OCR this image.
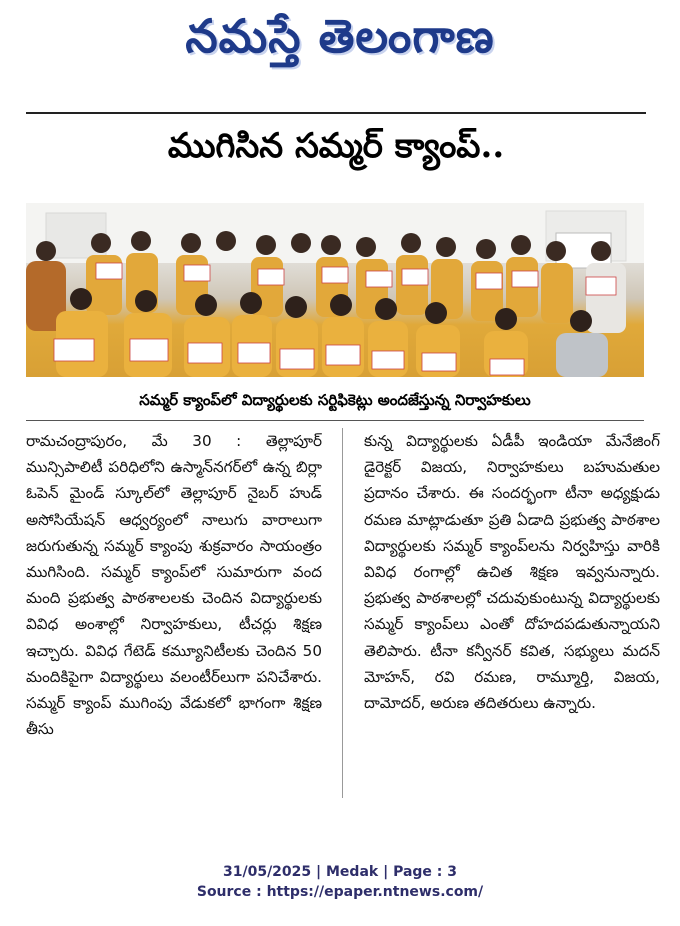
నమస్తే తెలంగాణ
ముగిసిన సమ్మర్ క్యాంప్..
సమ్మర్ క్యాంప్‌లో విద్యార్థులకు సర్టిఫికెట్లు అందజేస్తున్న నిర్వాహకులు
రామచంద్రాపురం, మే 30 : తెల్లాపూర్ మున్సిపాలిటీ పరిధిలోని ఉస్మాన్‌నగర్‌లో ఉన్న బిర్లా ఓపెన్ మైండ్ స్కూల్‌లో తెల్లాపూర్ నైబర్ హుడ్ అసోసియేషన్ ఆధ్వర్యంలో నాలుగు వారాలుగా జరుగుతున్న సమ్మర్ క్యాంపు శుక్రవారం సాయంత్రం ముగిసింది. సమ్మర్ క్యాంప్‌లో సుమారుగా వంద మంది ప్రభుత్వ పాఠశాలలకు చెందిన విద్యార్థులకు వివిధ అంశాల్లో నిర్వాహకులు, టీచర్లు శిక్షణ ఇచ్చారు. వివిధ గేటెడ్ కమ్యూనిటీలకు చెందిన 50 మందికిపైగా విద్యార్థులు వలంటీర్‌లుగా పనిచేశారు. సమ్మర్ క్యాంప్ ముగింపు వేడుకలో భాగంగా శిక్షణ తీసు
కున్న విద్యార్థులకు ఏడీపీ ఇండియా మేనేజింగ్ డైరెక్టర్ విజయ, నిర్వాహకులు బహుమతుల ప్రదానం చేశారు. ఈ సందర్భంగా టీనా అధ్యక్షుడు రమణ మాట్లాడుతూ ప్రతి ఏడాది ప్రభుత్వ పాఠశాల విద్యార్థులకు సమ్మర్ క్యాంప్‌లను నిర్వహిస్తు వారికి వివిధ రంగాల్లో ఉచిత శిక్షణ ఇవ్వనున్నారు. ప్రభుత్వ పాఠశాలల్లో చదువుకుంటున్న విద్యార్థులకు సమ్మర్ క్యాంప్‌లు ఎంతో దోహదపడుతున్నాయని తెలిపారు. టీనా కన్వీనర్ కవిత, సభ్యులు మదన్ మోహన్, రవి రమణ, రామ్మూర్తి, విజయ, దామోదర్, అరుణ తదితరులు ఉన్నారు.
31/05/2025 | Medak | Page : 3
Source : https://epaper.ntnews.com/
